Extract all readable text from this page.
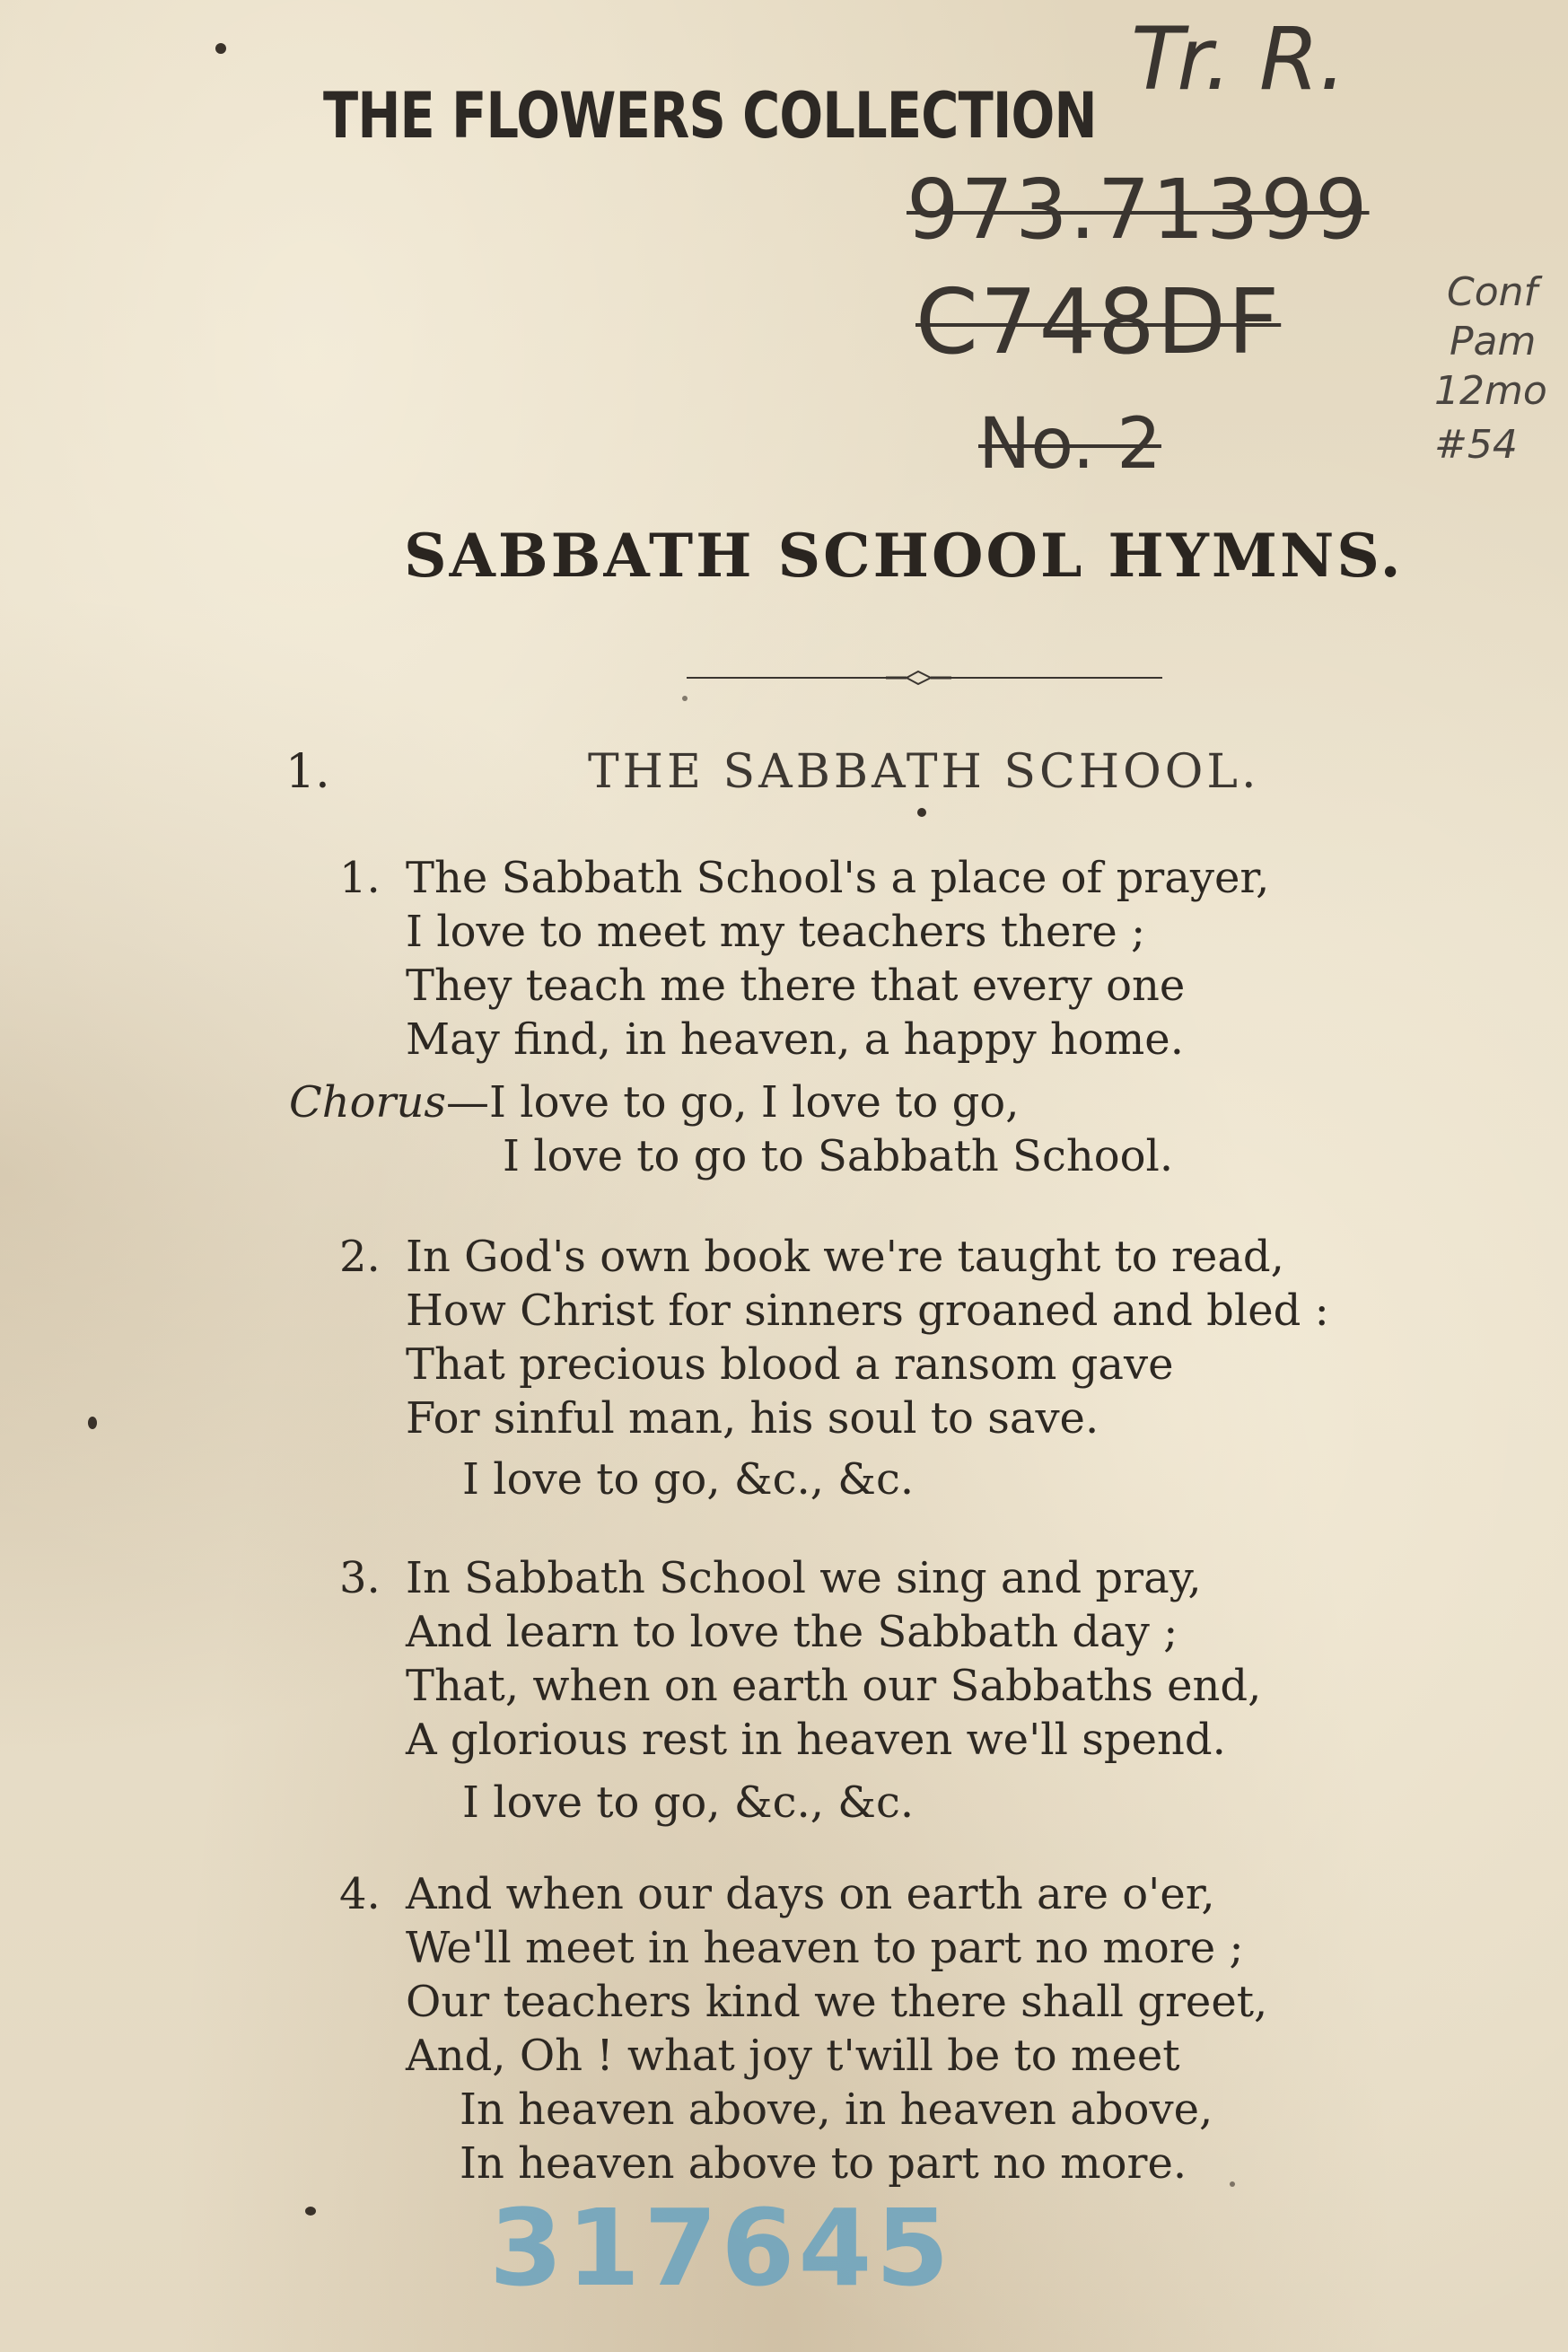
THE FLOWERS COLLECTION
Tr. R.
973.71399
C748DF
No. 2
Conf
Pam
12mo
#54
SABBATH SCHOOL HYMNS.
1.	THE SABBATH SCHOOL.
1. The Sabbath School's a place of prayer,
I love to meet my teachers there ;
They teach me there that every one
May find, in heaven, a happy home.
Chorus—I love to go, I love to go,
I love to go to Sabbath School.
2. In God's own book we're taught to read,
How Christ for sinners groaned and bled :
That precious blood a ransom gave
For sinful man, his soul to save.
I love to go, &c., &c.
3. In Sabbath School we sing and pray,
And learn to love the Sabbath day ;
That, when on earth our Sabbaths end,
A glorious rest in heaven we'll spend.
I love to go, &c., &c.
4. And when our days on earth are o'er,
We'll meet in heaven to part no more ;
Our teachers kind we there shall greet,
And, Oh ! what joy t'will be to meet
In heaven above, in heaven above,
In heaven above to part no more.
317645
